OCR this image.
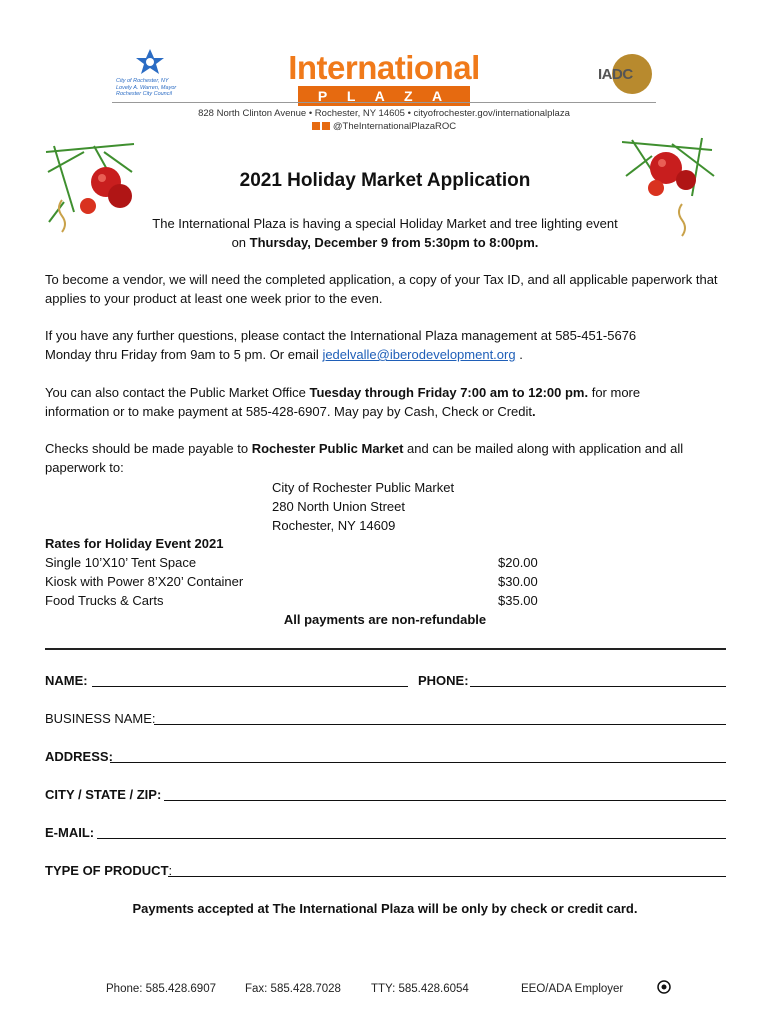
City of Rochester, NY
Lovely A. Warren, Mayor
Rochester City Council
International
P L A Z A
IADC
828 North Clinton Avenue • Rochester, NY 14605 • cityofrochester.gov/internationalplaza
@TheInternationalPlazaROC
2021 Holiday Market Application
The International Plaza is having a special Holiday Market and tree lighting event
on Thursday, December 9 from 5:30pm to 8:00pm.
To become a vendor, we will need the completed application, a copy of your Tax ID, and all applicable paperwork that applies to your product at least one week prior to the even.
If you have any further questions, please contact the International Plaza management at 585-451-5676
Monday thru Friday from 9am to 5 pm. Or email jedelvalle@iberodevelopment.org .
You can also contact the Public Market Office Tuesday through Friday 7:00 am to 12:00 pm. for more
information or to make payment at 585-428-6907. May pay by Cash, Check or Credit.
Checks should be made payable to Rochester Public Market and can be mailed along with application and all
paperwork to:
City of Rochester Public Market
280 North Union Street
Rochester, NY 14609
Rates for Holiday Event 2021
Single 10’X10’ Tent Space	$20.00
Kiosk with Power 8’X20’ Container	$30.00
Food Trucks & Carts	$35.00
All payments are non-refundable
NAME:	PHONE:
BUSINESS NAME:
ADDRESS:
CITY / STATE / ZIP:
E-MAIL:
TYPE OF PRODUCT:
Payments accepted at The International Plaza will be only by check or credit card.
Phone: 585.428.6907	Fax: 585.428.7028	TTY: 585.428.6054	EEO/ADA Employer
